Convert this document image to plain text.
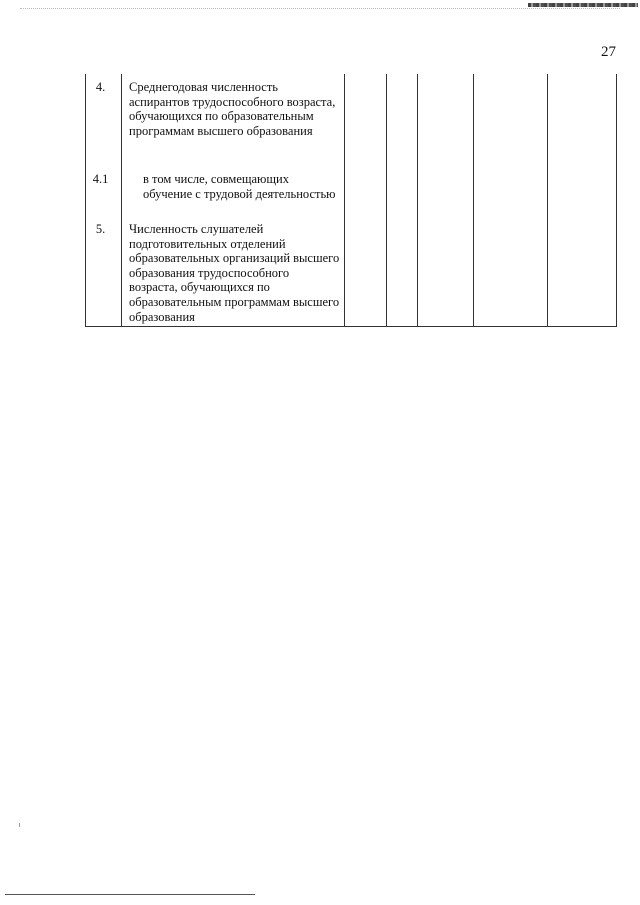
27
4.	Среднегодовая численность аспирантов трудоспособного возраста, обучающихся по образовательным программам высшего образования					

4.1	в том числе, совмещающих обучение с трудовой деятельностью					

5.	Численность слушателей подготовительных отделений образовательных организаций высшего образования трудоспособного возраста, обучающихся по образовательным программам высшего образования					
